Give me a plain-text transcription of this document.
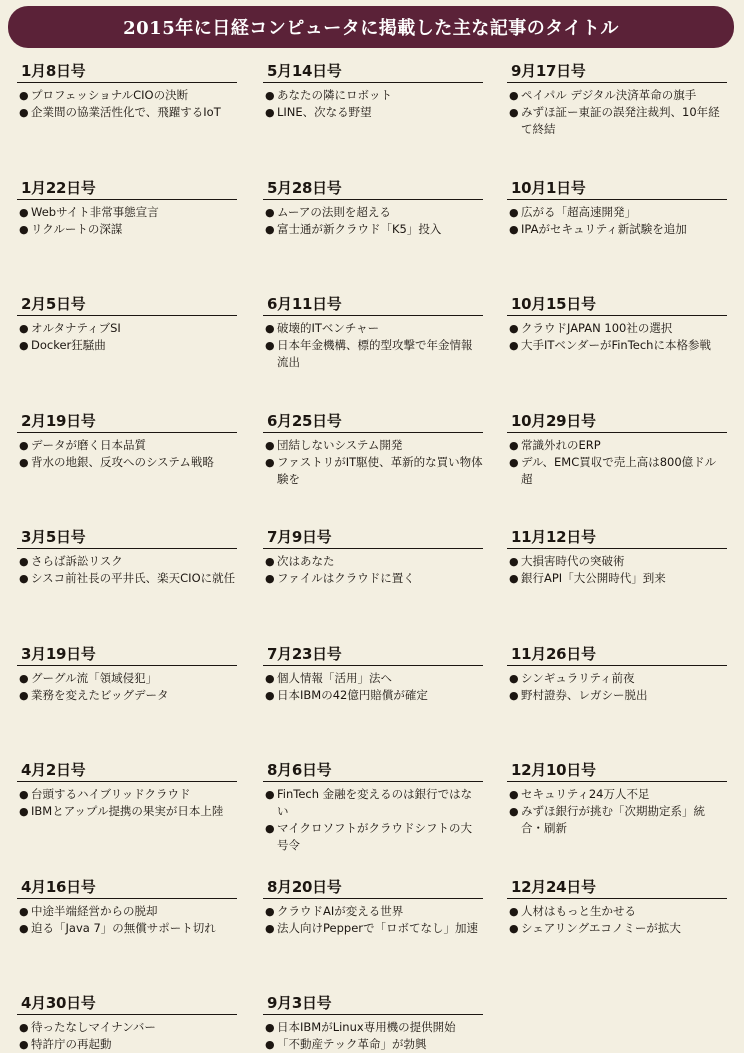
2015年に日経コンピュータに掲載した主な記事のタイトル
1月8日号
● プロフェッショナルCIOの決断
● 企業間の協業活性化で、飛躍するIoT
1月22日号
● Webサイト非常事態宣言
● リクルートの深謀
2月5日号
● オルタナティブSI
● Docker狂騒曲
2月19日号
● データが磨く日本品質
● 背水の地銀、反攻へのシステム戦略
3月5日号
● さらば訴訟リスク
● シスコ前社長の平井氏、楽天CIOに就任
3月19日号
● グーグル流「領域侵犯」
● 業務を変えたビッグデータ
4月2日号
● 台頭するハイブリッドクラウド
● IBMとアップル提携の果実が日本上陸
4月16日号
● 中途半端経営からの脱却
● 迫る「Java 7」の無償サポート切れ
4月30日号
● 待ったなしマイナンバー
● 特許庁の再起動
5月14日号
● あなたの隣にロボット
● LINE、次なる野望
5月28日号
● ムーアの法則を超える
● 富士通が新クラウド「K5」投入
6月11日号
● 破壊的ITベンチャー
● 日本年金機構、標的型攻撃で年金情報流出
6月25日号
● 団結しないシステム開発
● ファストリがIT駆使、革新的な買い物体験を
7月9日号
● 次はあなた
● ファイルはクラウドに置く
7月23日号
● 個人情報「活用」法へ
● 日本IBMの42億円賠償が確定
8月6日号
● FinTech 金融を変えるのは銀行ではない
● マイクロソフトがクラウドシフトの大号令
8月20日号
● クラウドAIが変える世界
● 法人向けPepperで「ロボてなし」加速
9月3日号
● 日本IBMがLinux専用機の提供開始
● 「不動産テック革命」が勃興
9月17日号
● ペイパル デジタル決済革命の旗手
● みずほ証ー東証の誤発注裁判、10年経て終結
10月1日号
● 広がる「超高速開発」
● IPAがセキュリティ新試験を追加
10月15日号
● クラウドJAPAN 100社の選択
● 大手ITベンダーがFinTechに本格参戦
10月29日号
● 常識外れのERP
● デル、EMC買収で売上高は800億ドル超
11月12日号
● 大損害時代の突破術
● 銀行API「大公開時代」到来
11月26日号
● シンギュラリティ前夜
● 野村證券、レガシー脱出
12月10日号
● セキュリティ24万人不足
● みずほ銀行が挑む「次期勘定系」統合・刷新
12月24日号
● 人材はもっと生かせる
● シェアリングエコノミーが拡大
